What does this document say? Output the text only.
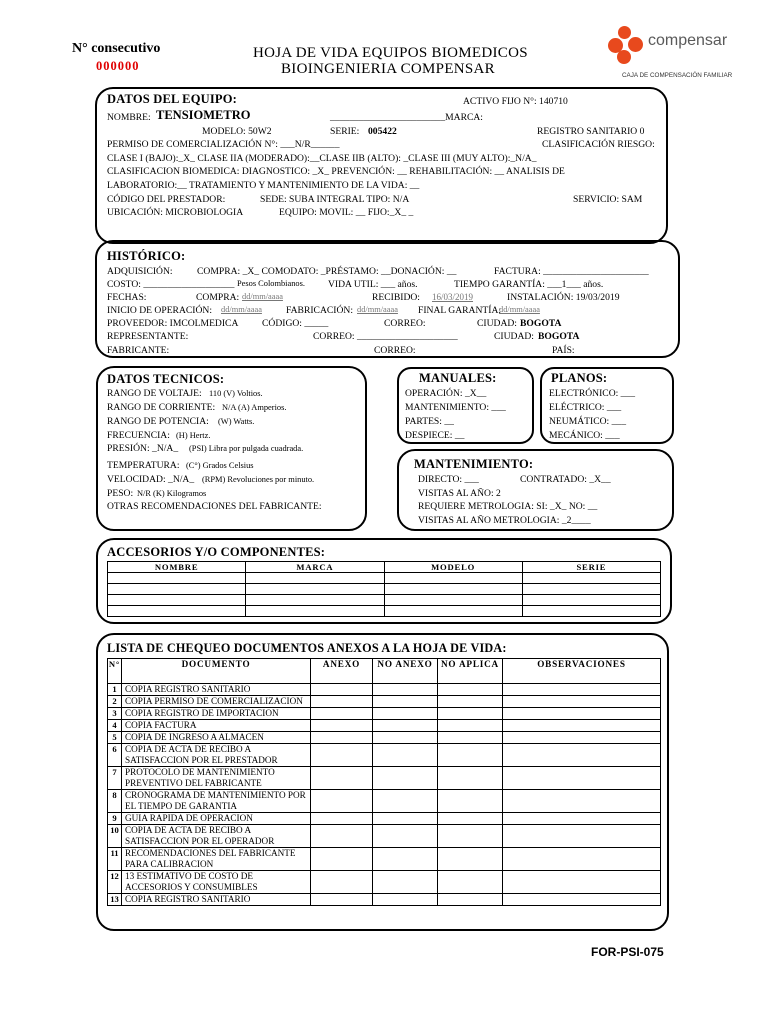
N° consecutivo
000000
HOJA DE VIDA EQUIPOS BIOMEDICOS
BIOINGENIERIA COMPENSAR
compensar
CAJA DE COMPENSACIÓN FAMILIAR
DATOS DEL EQUIPO:	ACTIVO FIJO N°: 140710
NOMBRE: TENSIOMETRO	________________________MARCA:
MODELO: 50W2	SERIE: 005422	REGISTRO SANITARIO 0
PERMISO DE COMERCIALIZACIÓN N°: ___N/R______	CLASIFICACIÓN RIESGO:
CLASE I (BAJO):_X_ CLASE IIA (MODERADO):__CLASE IIB (ALTO): _CLASE III (MUY ALTO):_N/A_
CLASIFICACION BIOMEDICA: DIAGNOSTICO: _X_ PREVENCIÓN: __ REHABILITACIÓN: __ ANALISIS DE
LABORATORIO:__ TRATAMIENTO Y MANTENIMIENTO DE LA VIDA: __
CÓDIGO DEL PRESTADOR:	SEDE: SUBA INTEGRAL TIPO: N/A	SERVICIO: SAM
UBICACIÓN: MICROBIOLOGIA	EQUIPO: MOVIL: __ FIJO:_X_ _
HISTÓRICO:
ADQUISICIÓN:	COMPRA: _X_ COMODATO: _PRÉSTAMO: __DONACIÓN: __	FACTURA: ______________________
COSTO: ___________________ Pesos Colombianos. VIDA UTIL: ___ años.	TIEMPO GARANTÍA: ___1___ años.
FECHAS:	COMPRA: dd/mm/aaaa	RECIBIDO: 16/03/2019	INSTALACIÓN: 19/03/2019
INICIO DE OPERACIÓN: dd/mm/aaaa	FABRICACIÓN: dd/mm/aaaa FINAL GARANTÍA:
dd/mm/aaaa
PROVEEDOR: IMCOLMEDICA CÓDIGO: _____	CORREO:	CIUDAD: BOGOTA
REPRESENTANTE:	CORREO: _____________________	CIUDAD: BOGOTA
FABRICANTE:	CORREO:	PAÍS:
DATOS TECNICOS:
RANGO DE VOLTAJE: 110 (V) Voltios.
RANGO DE CORRIENTE: N/A (A) Amperios.
RANGO DE POTENCIA: (W) Watts.
FRECUENCIA: (H) Hertz.
PRESIÓN: _N/A_ (PSI) Libra por pulgada cuadrada.
TEMPERATURA: (C°) Grados Celsius
VELOCIDAD: _N/A_ (RPM) Revoluciones por minuto.
PESO: N/R (K) Kilogramos
OTRAS RECOMENDACIONES DEL FABRICANTE:
MANUALES:
OPERACIÓN: _X__
MANTENIMIENTO: ___
PARTES: __
DESPIECE: __
PLANOS:
ELECTRÓNICO: ___
ELÉCTRICO: ___
NEUMÁTICO: ___
MECÁNICO: ___
MANTENIMIENTO:
DIRECTO: ___	CONTRATADO: _X__
VISITAS AL AÑO: 2
REQUIERE METROLOGIA: SI: _X_ NO: __
VISITAS AL AÑO METROLOGIA: _2____
ACCESORIOS Y/O COMPONENTES:
NOMBRE	MARCA	MODELO	SERIE

LISTA DE CHEQUEO DOCUMENTOS ANEXOS A LA HOJA DE VIDA:
N°	DOCUMENTO	ANEXO	NO ANEXO	NO APLICA	OBSERVACIONES
1	COPIA REGISTRO SANITARIO				
2	COPIA PERMISO DE COMERCIALIZACION				
3	COPIA REGISTRO DE IMPORTACION				
4	COPIA FACTURA				
5	COPIA DE INGRESO A ALMACEN				
6	COPIA DE ACTA DE RECIBO A SATISFACCION POR EL PRESTADOR				
7	PROTOCOLO DE MANTENIMIENTO PREVENTIVO DEL FABRICANTE				
8	CRONOGRAMA DE MANTENIMIENTO POR EL TIEMPO DE GARANTIA				
9	GUIA RAPIDA DE OPERACION				
10	COPIA DE ACTA DE RECIBO A SATISFACCION POR EL OPERADOR				
11	RECOMENDACIONES DEL FABRICANTE PARA CALIBRACION				
12	13 ESTIMATIVO DE COSTO DE ACCESORIOS Y CONSUMIBLES				
13	COPIA REGISTRO SANITARIO				
FOR-PSI-075
